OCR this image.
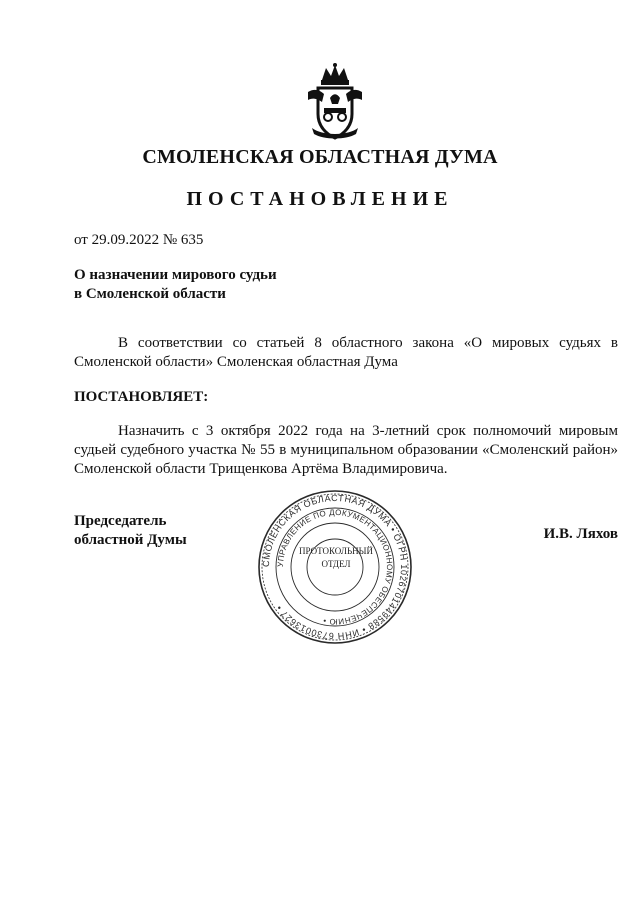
СМОЛЕНСКАЯ ОБЛАСТНАЯ ДУМА
ПОСТАНОВЛЕНИЕ
от 29.09.2022 № 635
О назначении мирового судьи
в Смоленской области
В соответствии со статьей 8 областного закона «О мировых судьях в Смоленской области» Смоленская областная Дума
ПОСТАНОВЛЯЕТ:
Назначить с 3 октября 2022 года на 3-летний срок полномочий мировым судьей судебного участка № 55 в муниципальном образовании «Смоленский район» Смоленской области Трищенкова Артёма Владимировича.
Председатель
областной Думы
СМОЛЕНСКАЯ ОБЛАСТНАЯ ДУМА • ОГРН 1026701449588 • ИНН 6730013627 •
УПРАВЛЕНИЕ ПО ДОКУМЕНТАЦИОННОМУ ОБЕСПЕЧЕНИЮ •
ПРОТОКОЛЬНЫЙ
ОТДЕЛ
И.В. Ляхов
